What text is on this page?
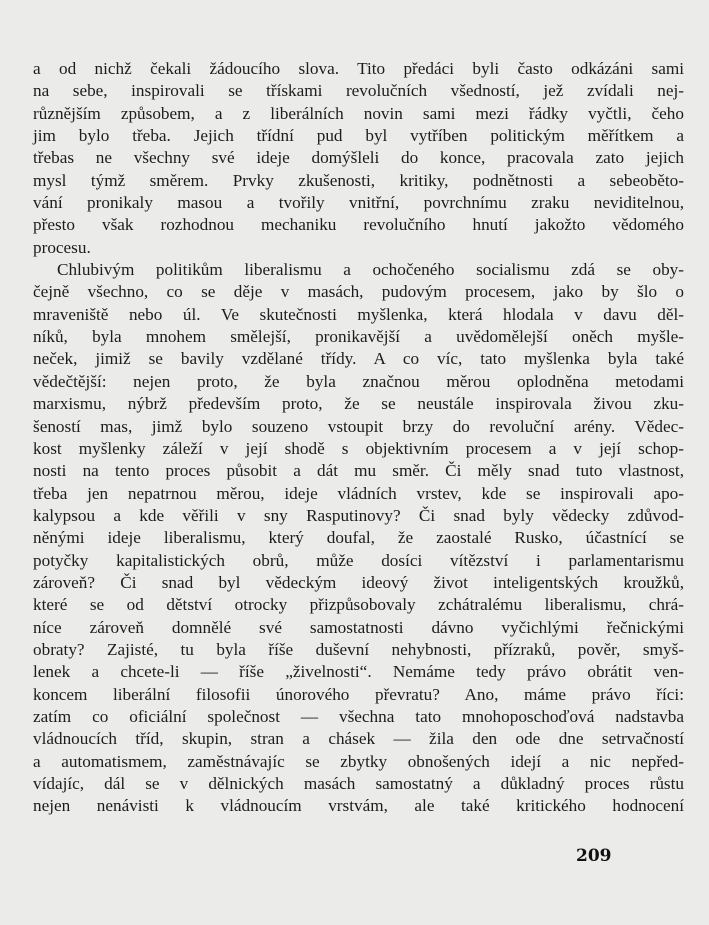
a od nichž čekali žádoucího slova. Tito předáci byli často odkázáni sami
na sebe, inspirovali se třískami revolučních všedností, jež zvídali nej-
různějším způsobem, a z liberálních novin sami mezi řádky vyčtli, čeho
jim bylo třeba. Jejich třídní pud byl vytříben politickým měřítkem a
třebas ne všechny své ideje domýšleli do konce, pracovala zato jejich
mysl týmž směrem. Prvky zkušenosti, kritiky, podnětnosti a sebeoběto-
vání pronikaly masou a tvořily vnitřní, povrchnímu zraku neviditelnou,
přesto však rozhodnou mechaniku revolučního hnutí jakožto vědomého
procesu.
Chlubivým politikům liberalismu a ochočeného socialismu zdá se oby-
čejně všechno, co se děje v masách, pudovým procesem, jako by šlo o
mraveniště nebo úl. Ve skutečnosti myšlenka, která hlodala v davu děl-
níků, byla mnohem smělejší, pronikavější a uvědomělejší oněch myšle-
neček, jimiž se bavily vzdělané třídy. A co víc, tato myšlenka byla také
vědečtější: nejen proto, že byla značnou měrou oplodněna metodami
marxismu, nýbrž především proto, že se neustále inspirovala živou zku-
šeností mas, jimž bylo souzeno vstoupit brzy do revoluční arény. Vědec-
kost myšlenky záleží v její shodě s objektivním procesem a v její schop-
nosti na tento proces působit a dát mu směr. Či měly snad tuto vlastnost,
třeba jen nepatrnou měrou, ideje vládních vrstev, kde se inspirovali apo-
kalypsou a kde věřili v sny Rasputinovy? Či snad byly vědecky zdůvod-
něnými ideje liberalismu, který doufal, že zaostalé Rusko, účastnící se
potyčky kapitalistických obrů, může dosíci vítězství i parlamentarismu
zároveň? Či snad byl vědeckým ideový život inteligentských kroužků,
které se od dětství otrocky přizpůsobovaly zchátralému liberalismu, chrá-
níce zároveň domnělé své samostatnosti dávno vyčichlými řečnickými
obraty? Zajisté, tu byla říše duševní nehybnosti, přízraků, pověr, smyš-
lenek a chcete-li — říše „živelnosti“. Nemáme tedy právo obrátit ven-
koncem liberální filosofii únorového převratu? Ano, máme právo říci:
zatím co oficiální společnost — všechna tato mnohoposchoďová nadstavba
vládnoucích tříd, skupin, stran a chásek — žila den ode dne setrvačností
a automatismem, zaměstnávajíc se zbytky obnošených idejí a nic nepřed-
vídajíc, dál se v dělnických masách samostatný a důkladný proces růstu
nejen nenávisti k vládnoucím vrstvám, ale také kritického hodnocení
209
